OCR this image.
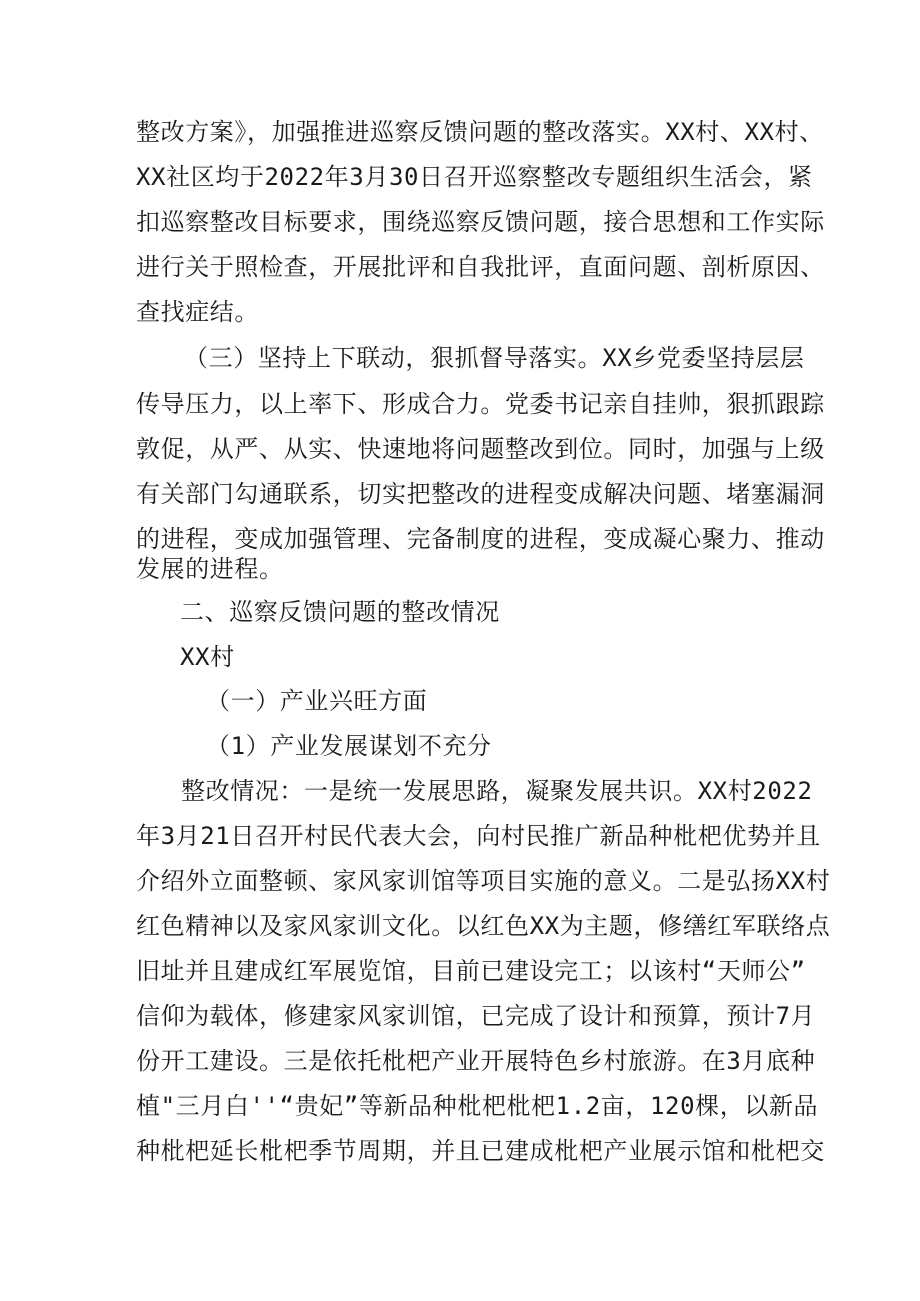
整改方案》，加强推进巡察反馈问题的整改落实。XX村、XX村、
XX社区均于2022年3月30日召开巡察整改专题组织生活会，紧
扣巡察整改目标要求，围绕巡察反馈问题，接合思想和工作实际
进行关于照检查，开展批评和自我批评，直面问题、剖析原因、
查找症结。
（三）坚持上下联动，狠抓督导落实。XX乡党委坚持层层
传导压力，以上率下、形成合力。党委书记亲自挂帅，狠抓跟踪
敦促，从严、从实、快速地将问题整改到位。同时，加强与上级
有关部门勾通联系，切实把整改的进程变成解决问题、堵塞漏洞
的进程，变成加强管理、完备制度的进程，变成凝心聚力、推动
发展的进程。
二、巡察反馈问题的整改情况
XX村
（一）产业兴旺方面
（1）产业发展谋划不充分
整改情况：一是统一发展思路，凝聚发展共识。XX村2022
年3月21日召开村民代表大会，向村民推广新品种枇杷优势并且
介绍外立面整顿、家风家训馆等项目实施的意义。二是弘扬XX村
红色精神以及家风家训文化。以红色XX为主题，修缮红军联络点
旧址并且建成红军展览馆，目前已建设完工；以该村“天师公”
信仰为载体，修建家风家训馆，已完成了设计和预算，预计7月
份开工建设。三是依托枇杷产业开展特色乡村旅游。在3月底种
植"三月白''“贵妃”等新品种枇杷枇杷1.2亩，120棵，以新品
种枇杷延长枇杷季节周期，并且已建成枇杷产业展示馆和枇杷交
